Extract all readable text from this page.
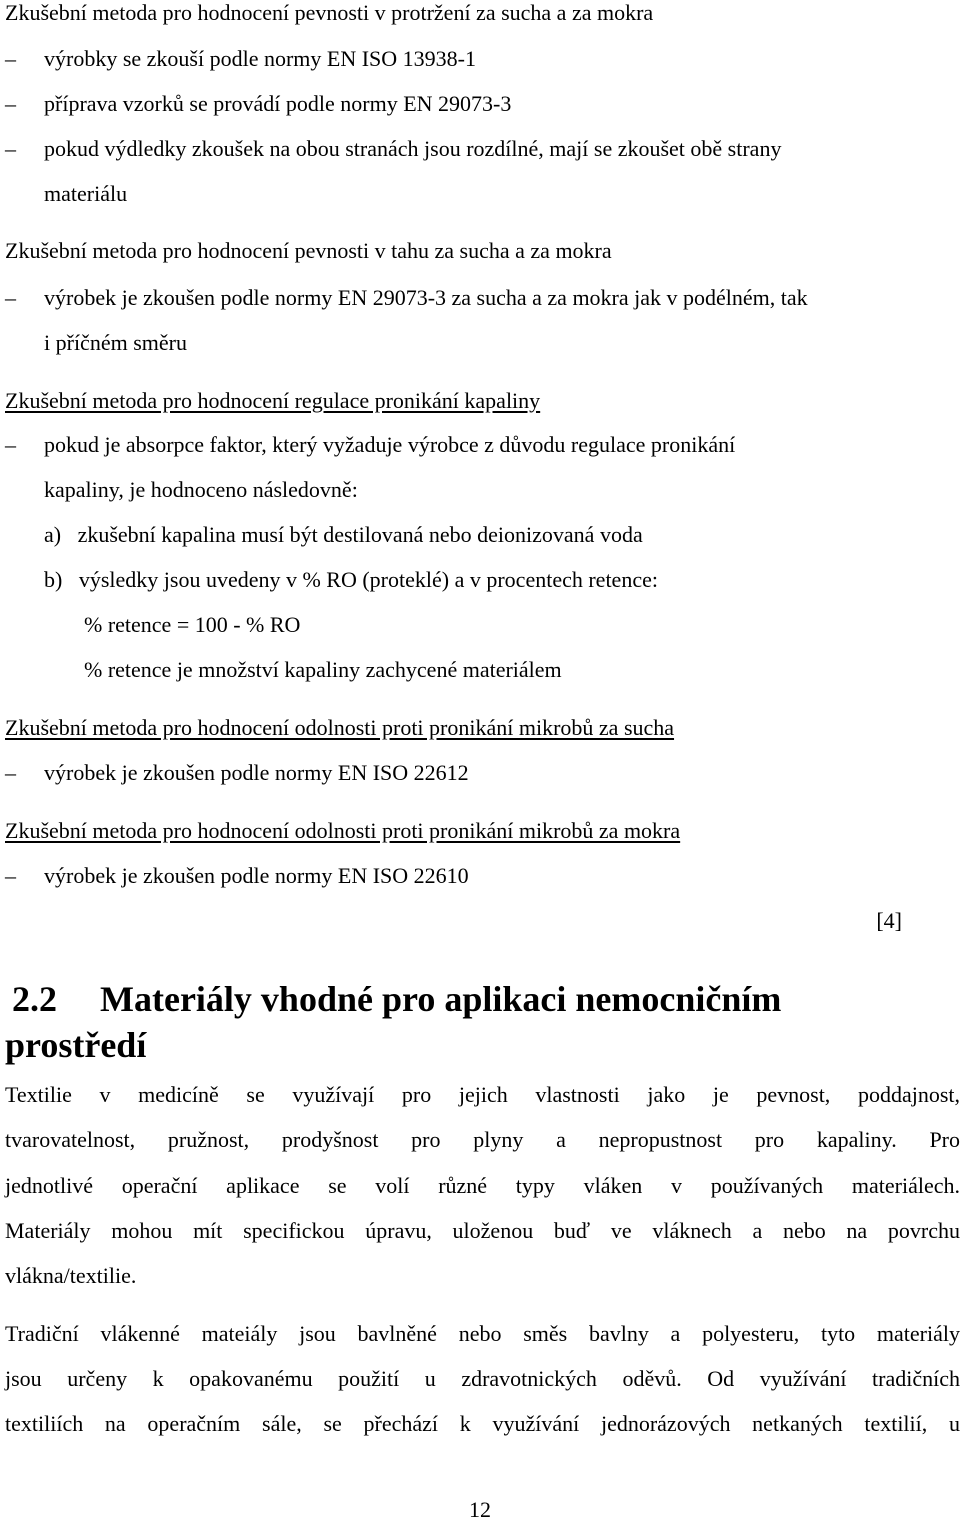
Zkušební metoda pro hodnocení pevnosti v protržení za sucha a za mokra
– výrobky se zkouší podle normy EN ISO 13938-1
– příprava vzorků se provádí podle normy EN 29073-3
– pokud výdledky zkoušek na obou stranách jsou rozdílné, mají se zkoušet obě strany
materiálu
Zkušební metoda pro hodnocení pevnosti v tahu za sucha a za mokra
– výrobek je zkoušen podle normy EN 29073-3 za sucha a za mokra jak v podélném, tak
i příčném směru
Zkušební metoda pro hodnocení regulace pronikání kapaliny
– pokud je absorpce faktor, který vyžaduje výrobce z důvodu regulace pronikání
kapaliny, je hodnoceno následovně:
a)   zkušební kapalina musí být destilovaná nebo deionizovaná voda
b)   výsledky jsou uvedeny v % RO (proteklé) a v procentech retence:
% retence = 100 - % RO
% retence je množství kapaliny zachycené materiálem
Zkušební metoda pro hodnocení odolnosti proti pronikání mikrobů za sucha
– výrobek je zkoušen podle normy EN ISO 22612
Zkušební metoda pro hodnocení odolnosti proti pronikání mikrobů za mokra
– výrobek je zkoušen podle normy EN ISO 22610
[4]
2.2 Materiály vhodné pro aplikaci nemocničním
prostředí
Textilie v medicíně se využívají pro jejich vlastnosti jako je pevnost, poddajnost,
tvarovatelnost, pružnost, prodyšnost pro plyny a nepropustnost pro kapaliny. Pro
jednotlivé operační aplikace se volí různé typy vláken v používaných materiálech.
Materiály mohou mít specifickou úpravu, uloženou buď ve vláknech a nebo na povrchu
vlákna/textilie.
Tradiční vlákenné mateiály jsou bavlněné nebo směs bavlny a polyesteru, tyto materiály
jsou určeny k opakovanému použití u zdravotnických oděvů. Od využívání tradičních
textiliích na operačním sále, se přechází k využívání jednorázových netkaných textilií, u
12
